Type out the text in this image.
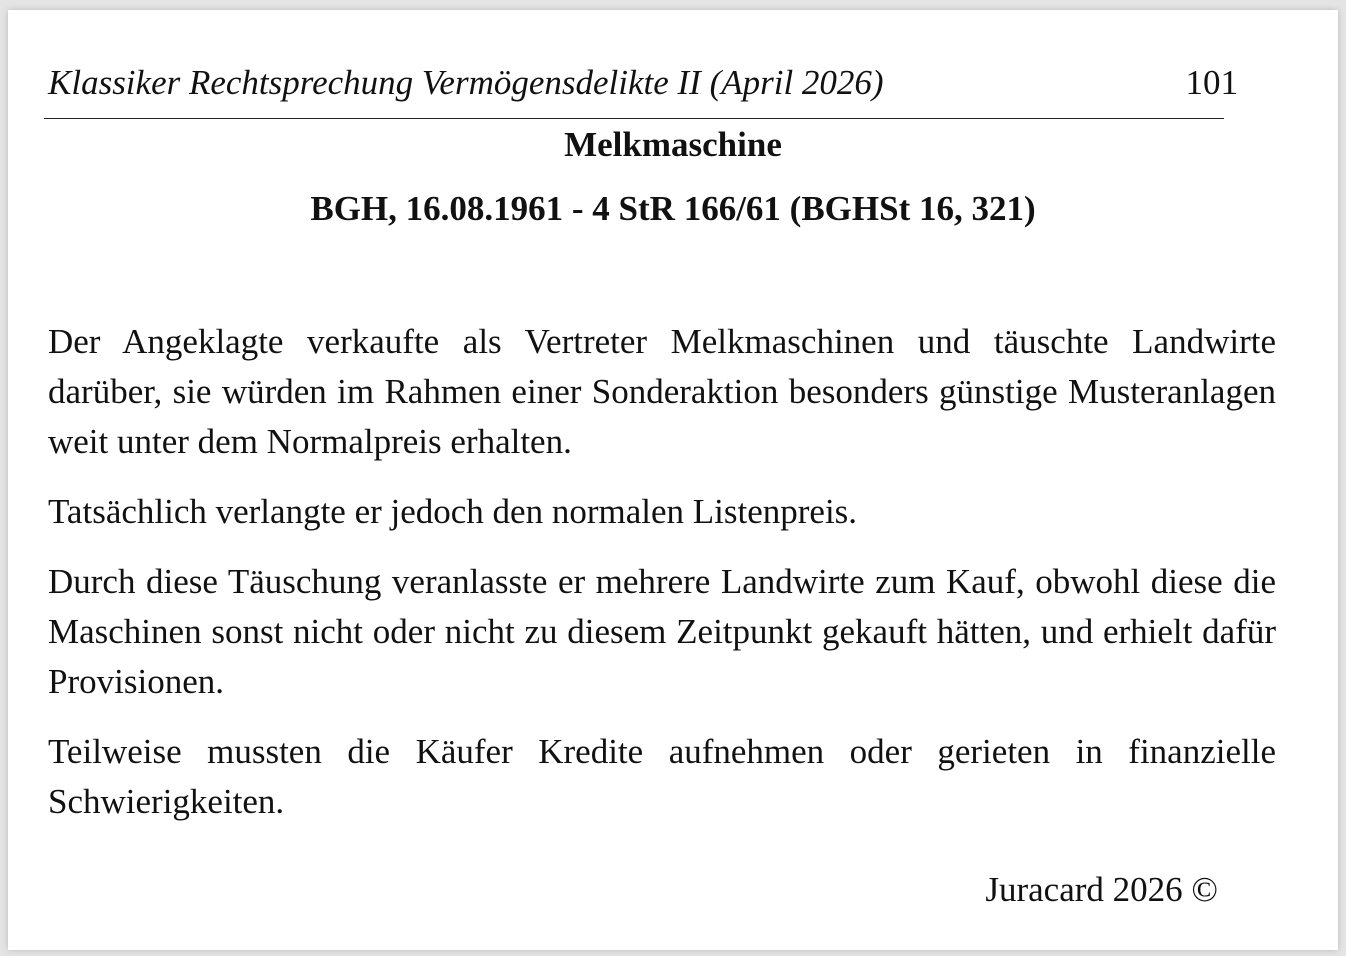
Klassiker Rechtsprechung Vermögensdelikte II (April 2026)	101
Melkmaschine
BGH, 16.08.1961 - 4 StR 166/61 (BGHSt 16, 321)

Der Angeklagte verkaufte als Vertreter Melkmaschinen und täuschte Landwirte darüber, sie würden im Rahmen einer Sonderaktion besonders günstige Musteranlagen weit unter dem Normalpreis erhalten.

Tatsächlich verlangte er jedoch den normalen Listenpreis.

Durch diese Täuschung veranlasste er mehrere Landwirte zum Kauf, obwohl diese die Maschinen sonst nicht oder nicht zu diesem Zeitpunkt gekauft hätten, und erhielt dafür Provisionen.

Teilweise mussten die Käufer Kredite aufnehmen oder gerieten in finanzielle Schwierigkeiten.

Juracard 2026 ©
